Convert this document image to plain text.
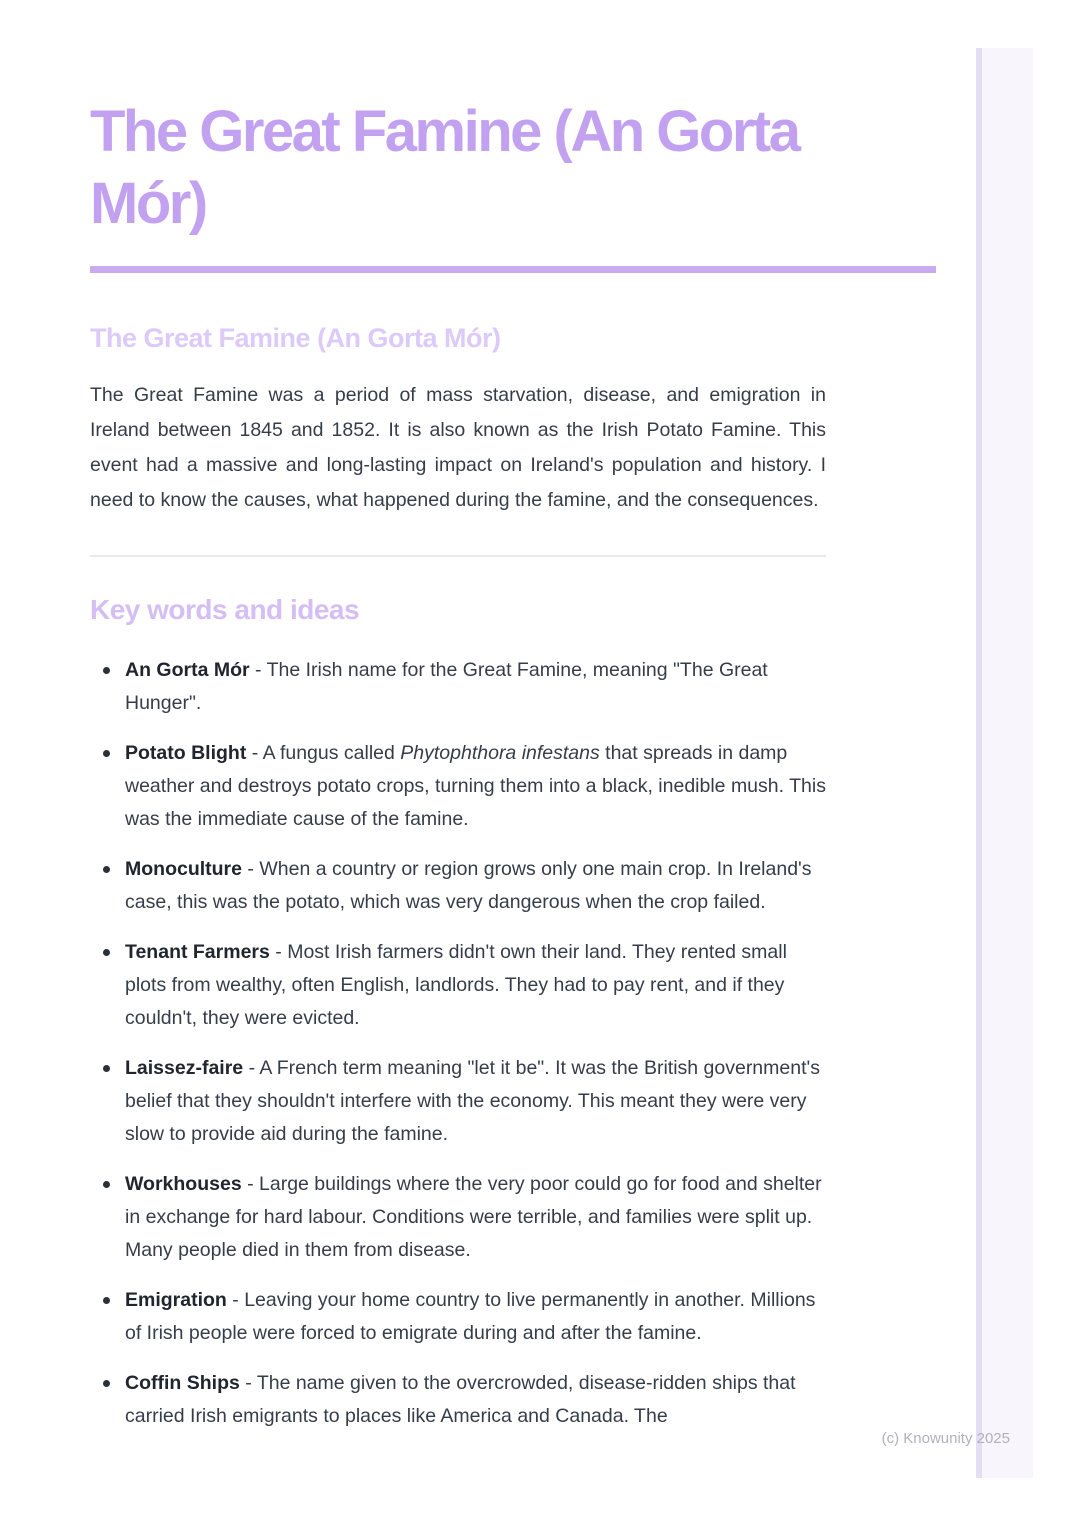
The Great Famine (An Gorta Mór)
The Great Famine (An Gorta Mór)

The Great Famine was a period of mass starvation, disease, and emigration in Ireland between 1845 and 1852. It is also known as the Irish Potato Famine. This event had a massive and long-lasting impact on Ireland's population and history. I need to know the causes, what happened during the famine, and the consequences.

Key words and ideas
An Gorta Mór - The Irish name for the Great Famine, meaning "The Great Hunger".
Potato Blight - A fungus called Phytophthora infestans that spreads in damp weather and destroys potato crops, turning them into a black, inedible mush. This was the immediate cause of the famine.
Monoculture - When a country or region grows only one main crop. In Ireland's case, this was the potato, which was very dangerous when the crop failed.
Tenant Farmers - Most Irish farmers didn't own their land. They rented small plots from wealthy, often English, landlords. They had to pay rent, and if they couldn't, they were evicted.
Laissez-faire - A French term meaning "let it be". It was the British government's belief that they shouldn't interfere with the economy. This meant they were very slow to provide aid during the famine.
Workhouses - Large buildings where the very poor could go for food and shelter in exchange for hard labour. Conditions were terrible, and families were split up. Many people died in them from disease.
Emigration - Leaving your home country to live permanently in another. Millions of Irish people were forced to emigrate during and after the famine.
Coffin Ships - The name given to the overcrowded, disease-ridden ships that carried Irish emigrants to places like America and Canada. The
(c) Knowunity 2025
